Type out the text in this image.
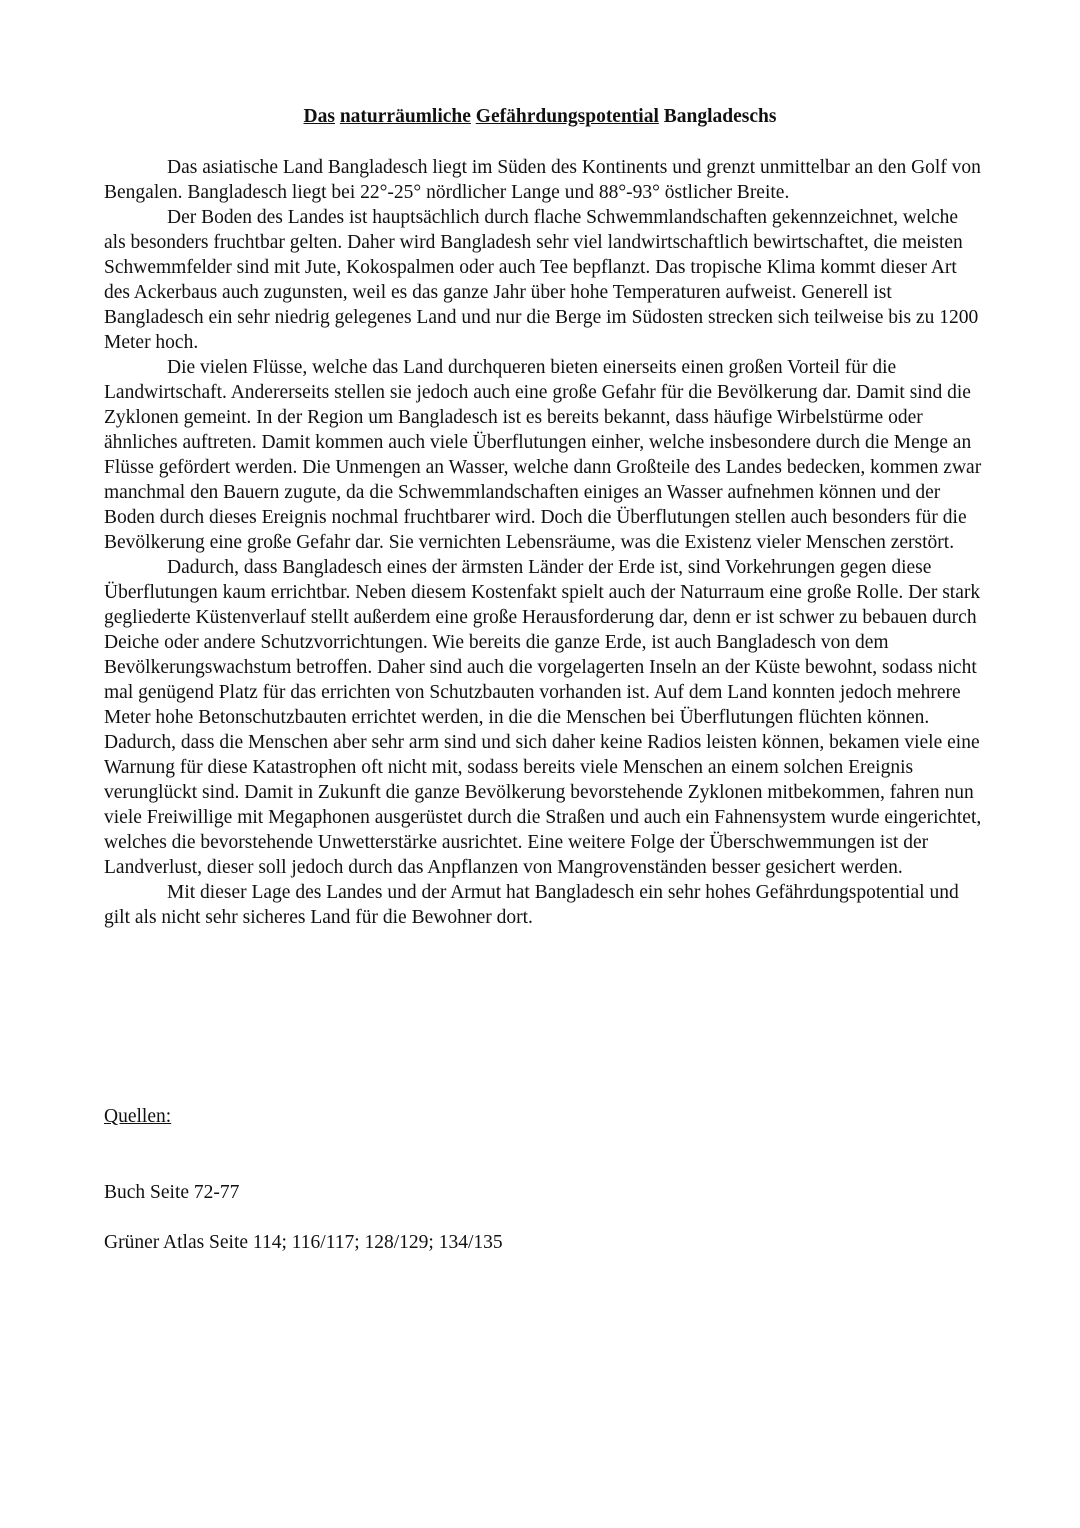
Das naturräumliche Gefährdungspotential Bangladeschs

Das asiatische Land Bangladesch liegt im Süden des Kontinents und grenzt unmittelbar an den Golf von Bengalen. Bangladesch liegt bei 22°-25° nördlicher Lange und 88°-93° östlicher Breite.

Der Boden des Landes ist hauptsächlich durch flache Schwemmlandschaften gekennzeichnet, welche als besonders fruchtbar gelten. Daher wird Bangladesh sehr viel landwirtschaftlich bewirtschaftet, die meisten Schwemmfelder sind mit Jute, Kokospalmen oder auch Tee bepflanzt. Das tropische Klima kommt dieser Art des Ackerbaus auch zugunsten, weil es das ganze Jahr über hohe Temperaturen aufweist. Generell ist Bangladesch ein sehr niedrig gelegenes Land und nur die Berge im Südosten strecken sich teilweise bis zu 1200 Meter hoch.

Die vielen Flüsse, welche das Land durchqueren bieten einerseits einen großen Vorteil für die Landwirtschaft. Andererseits stellen sie jedoch auch eine große Gefahr für die Bevölkerung dar. Damit sind die Zyklonen gemeint. In der Region um Bangladesch ist es bereits bekannt, dass häufige Wirbelstürme oder ähnliches auftreten. Damit kommen auch viele Überflutungen einher, welche insbesondere durch die Menge an Flüsse gefördert werden. Die Unmengen an Wasser, welche dann Großteile des Landes bedecken, kommen zwar manchmal den Bauern zugute, da die Schwemmlandschaften einiges an Wasser aufnehmen können und der Boden durch dieses Ereignis nochmal fruchtbarer wird. Doch die Überflutungen stellen auch besonders für die Bevölkerung eine große Gefahr dar. Sie vernichten Lebensräume, was die Existenz vieler Menschen zerstört.

Dadurch, dass Bangladesch eines der ärmsten Länder der Erde ist, sind Vorkehrungen gegen diese Überflutungen kaum errichtbar. Neben diesem Kostenfakt spielt auch der Naturraum eine große Rolle. Der stark gegliederte Küstenverlauf stellt außerdem eine große Herausforderung dar, denn er ist schwer zu bebauen durch Deiche oder andere Schutzvorrichtungen. Wie bereits die ganze Erde, ist auch Bangladesch von dem Bevölkerungswachstum betroffen. Daher sind auch die vorgelagerten Inseln an der Küste bewohnt, sodass nicht mal genügend Platz für das errichten von Schutzbauten vorhanden ist. Auf dem Land konnten jedoch mehrere Meter hohe Betonschutzbauten errichtet werden, in die die Menschen bei Überflutungen flüchten können. Dadurch, dass die Menschen aber sehr arm sind und sich daher keine Radios leisten können, bekamen viele eine Warnung für diese Katastrophen oft nicht mit, sodass bereits viele Menschen an einem solchen Ereignis verunglückt sind. Damit in Zukunft die ganze Bevölkerung bevorstehende Zyklonen mitbekommen, fahren nun viele Freiwillige mit Megaphonen ausgerüstet durch die Straßen und auch ein Fahnensystem wurde eingerichtet, welches die bevorstehende Unwetterstärke ausrichtet. Eine weitere Folge der Überschwemmungen ist der Landverlust, dieser soll jedoch durch das Anpflanzen von Mangrovenständen besser gesichert werden.

Mit dieser Lage des Landes und der Armut hat Bangladesch ein sehr hohes Gefährdungspotential und gilt als nicht sehr sicheres Land für die Bewohner dort.

Quellen:

Buch Seite 72-77

Grüner Atlas Seite 114; 116/117; 128/129; 134/135
